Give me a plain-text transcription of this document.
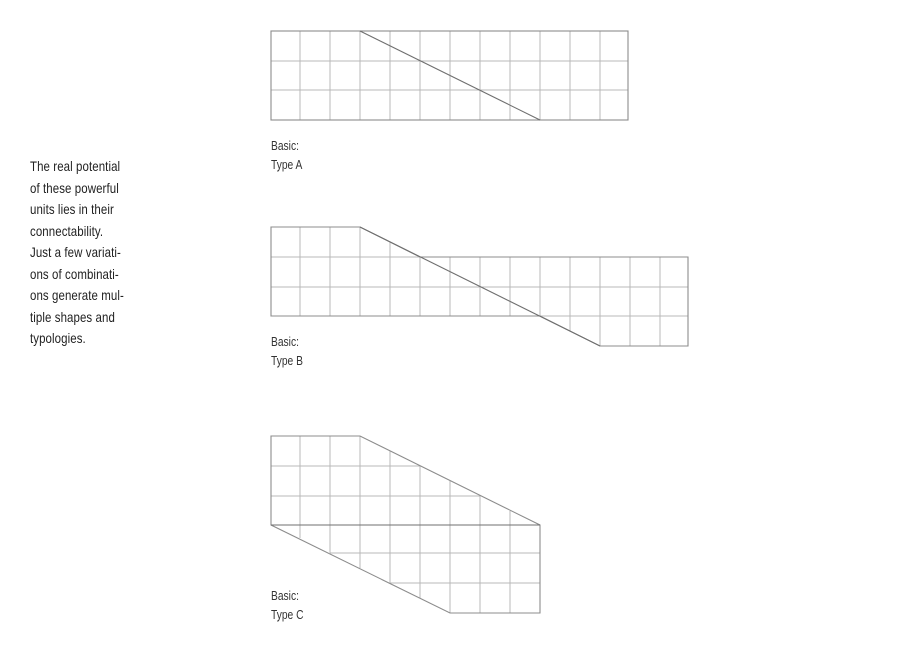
The real potential
of these powerful
units lies in their
connectability.
Just a few variati-
ons of combinati-
ons generate mul-
tiple shapes and
typologies.
Basic:
Type A
Basic:
Type B
Basic:
Type C
